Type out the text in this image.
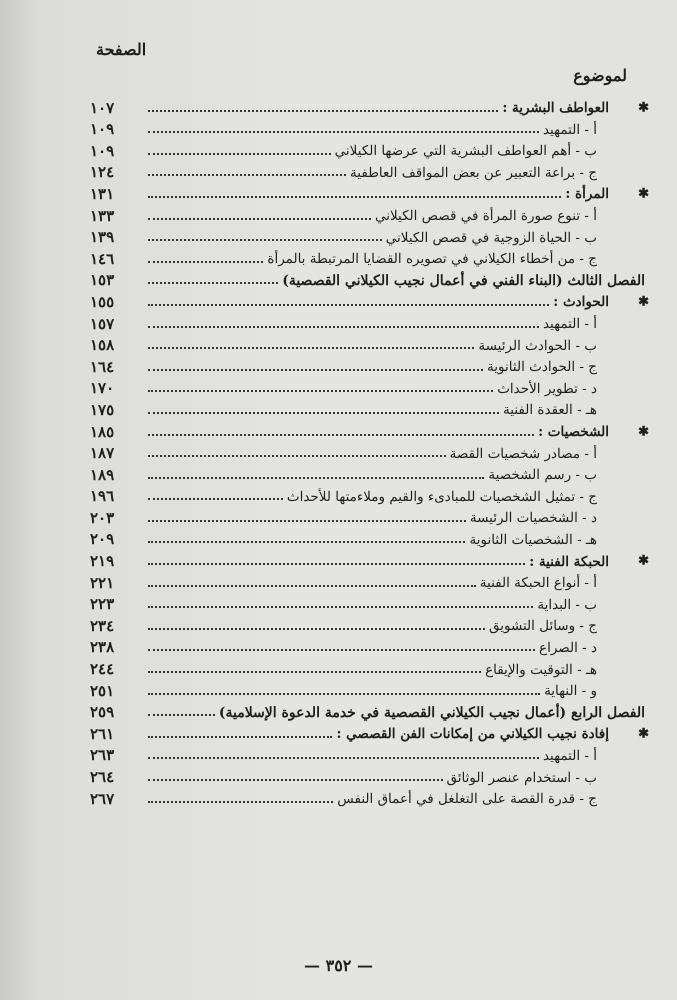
الصفحة
لموضوع
✱
العواطف البشرية :
١٠٧
أ - التمهيد
١٠٩
ب - أهم العواطف البشرية التي عرضها الكيلاني
١٠٩
ج - براعة التعبير عن بعض المواقف العاطفية
١٢٤
✱
المرأة :
١٣١
أ - تنوع صورة المرأة في قصص الكيلاني
١٣٣
ب - الحياة الزوجية في قصص الكيلاني
١٣٩
ج - من أخطاء الكيلاني في تصويره القضايا المرتبطة بالمرأة
١٤٦
الفصل الثالث (البناء الفني في أعمال نجيب الكيلاني القصصية)
١٥٣
✱
الحوادث :
١٥٥
أ - التمهيد
١٥٧
ب - الحوادث الرئيسة
١٥٨
ج - الحوادث الثانوية
١٦٤
د - تطوير الأحداث
١٧٠
هـ - العقدة الفنية
١٧٥
✱
الشخصيات :
١٨٥
أ - مصادر شخصيات القصة
١٨٧
ب - رسم الشخصية
١٨٩
ج - تمثيل الشخصيات للمبادىء والقيم وملاءمتها للأحداث
١٩٦
د - الشخصيات الرئيسة
٢٠٣
هـ - الشخصيات الثانوية
٢٠٩
✱
الحبكة الفنية :
٢١٩
أ - أنواع الحبكة الفنية
٢٢١
ب - البداية
٢٢٣
ج - وسائل التشويق
٢٣٤
د - الصراع
٢٣٨
هـ - التوقيت والإيقاع
٢٤٤
و - النهاية
٢٥١
الفصل الرابع (أعمال نجيب الكيلاني القصصية في خدمة الدعوة الإسلامية)
٢٥٩
✱
إفادة نجيب الكيلاني من إمكانات الفن القصصي :
٢٦١
أ - التمهيد
٢٦٣
ب - استخدام عنصر الوثائق
٢٦٤
ج - قدرة القصة على التغلغل في أعماق النفس
٢٦٧
— ٣٥٢ —
